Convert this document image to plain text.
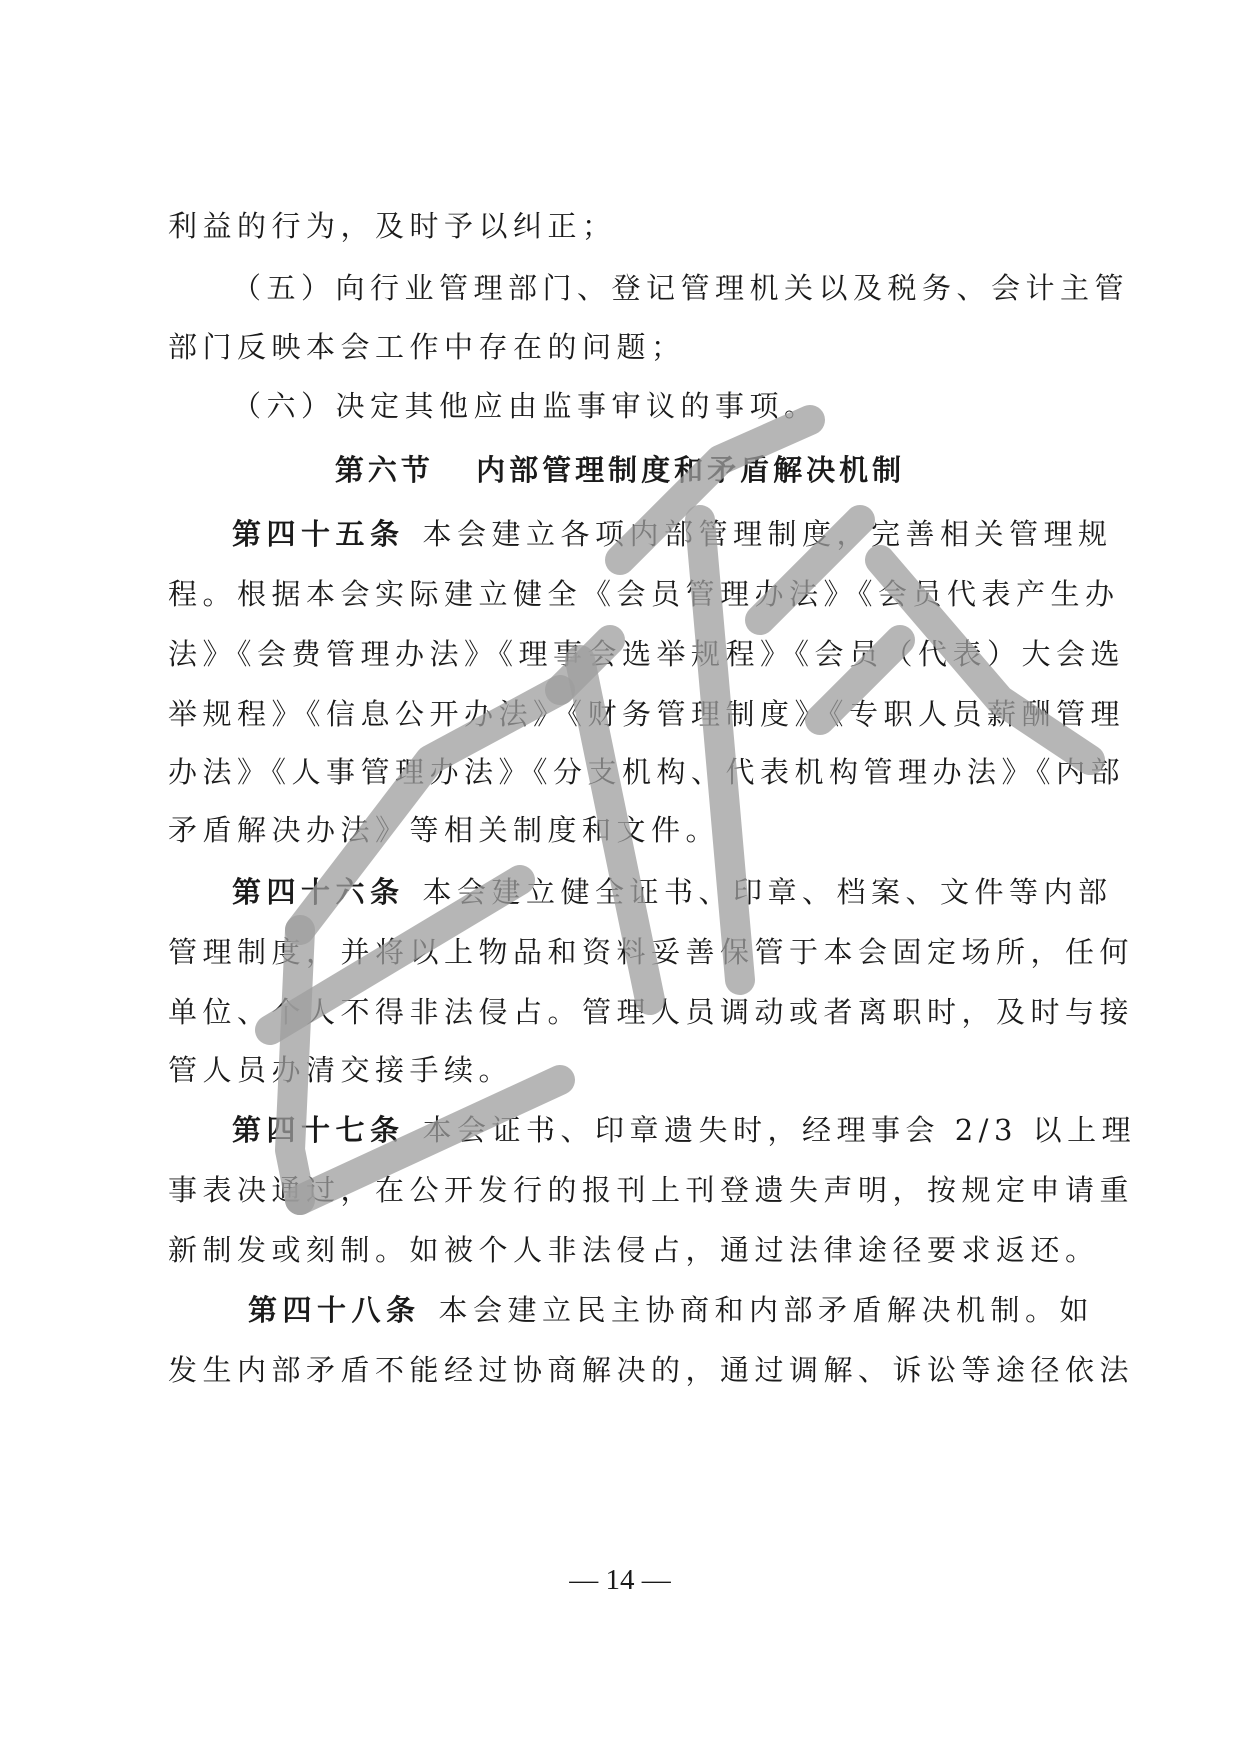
利益的行为，及时予以纠正；
（五）向行业管理部门、登记管理机关以及税务、会计主管
部门反映本会工作中存在的问题；
（六）决定其他应由监事审议的事项。
第六节   内部管理制度和矛盾解决机制
第四十五条 本会建立各项内部管理制度，完善相关管理规
程。根据本会实际建立健全《会员管理办法》《会员代表产生办
法》《会费管理办法》《理事会选举规程》《会员（代表）大会选
举规程》《信息公开办法》《财务管理制度》《专职人员薪酬管理
办法》《人事管理办法》《分支机构、代表机构管理办法》《内部
矛盾解决办法》等相关制度和文件。
第四十六条 本会建立健全证书、印章、档案、文件等内部
管理制度，并将以上物品和资料妥善保管于本会固定场所，任何
单位、个人不得非法侵占。管理人员调动或者离职时，及时与接
管人员办清交接手续。
第四十七条 本会证书、印章遗失时，经理事会 2/3 以上理
事表决通过，在公开发行的报刊上刊登遗失声明，按规定申请重
新制发或刻制。如被个人非法侵占，通过法律途径要求返还。
第四十八条 本会建立民主协商和内部矛盾解决机制。如
发生内部矛盾不能经过协商解决的，通过调解、诉讼等途径依法
— 14 —
